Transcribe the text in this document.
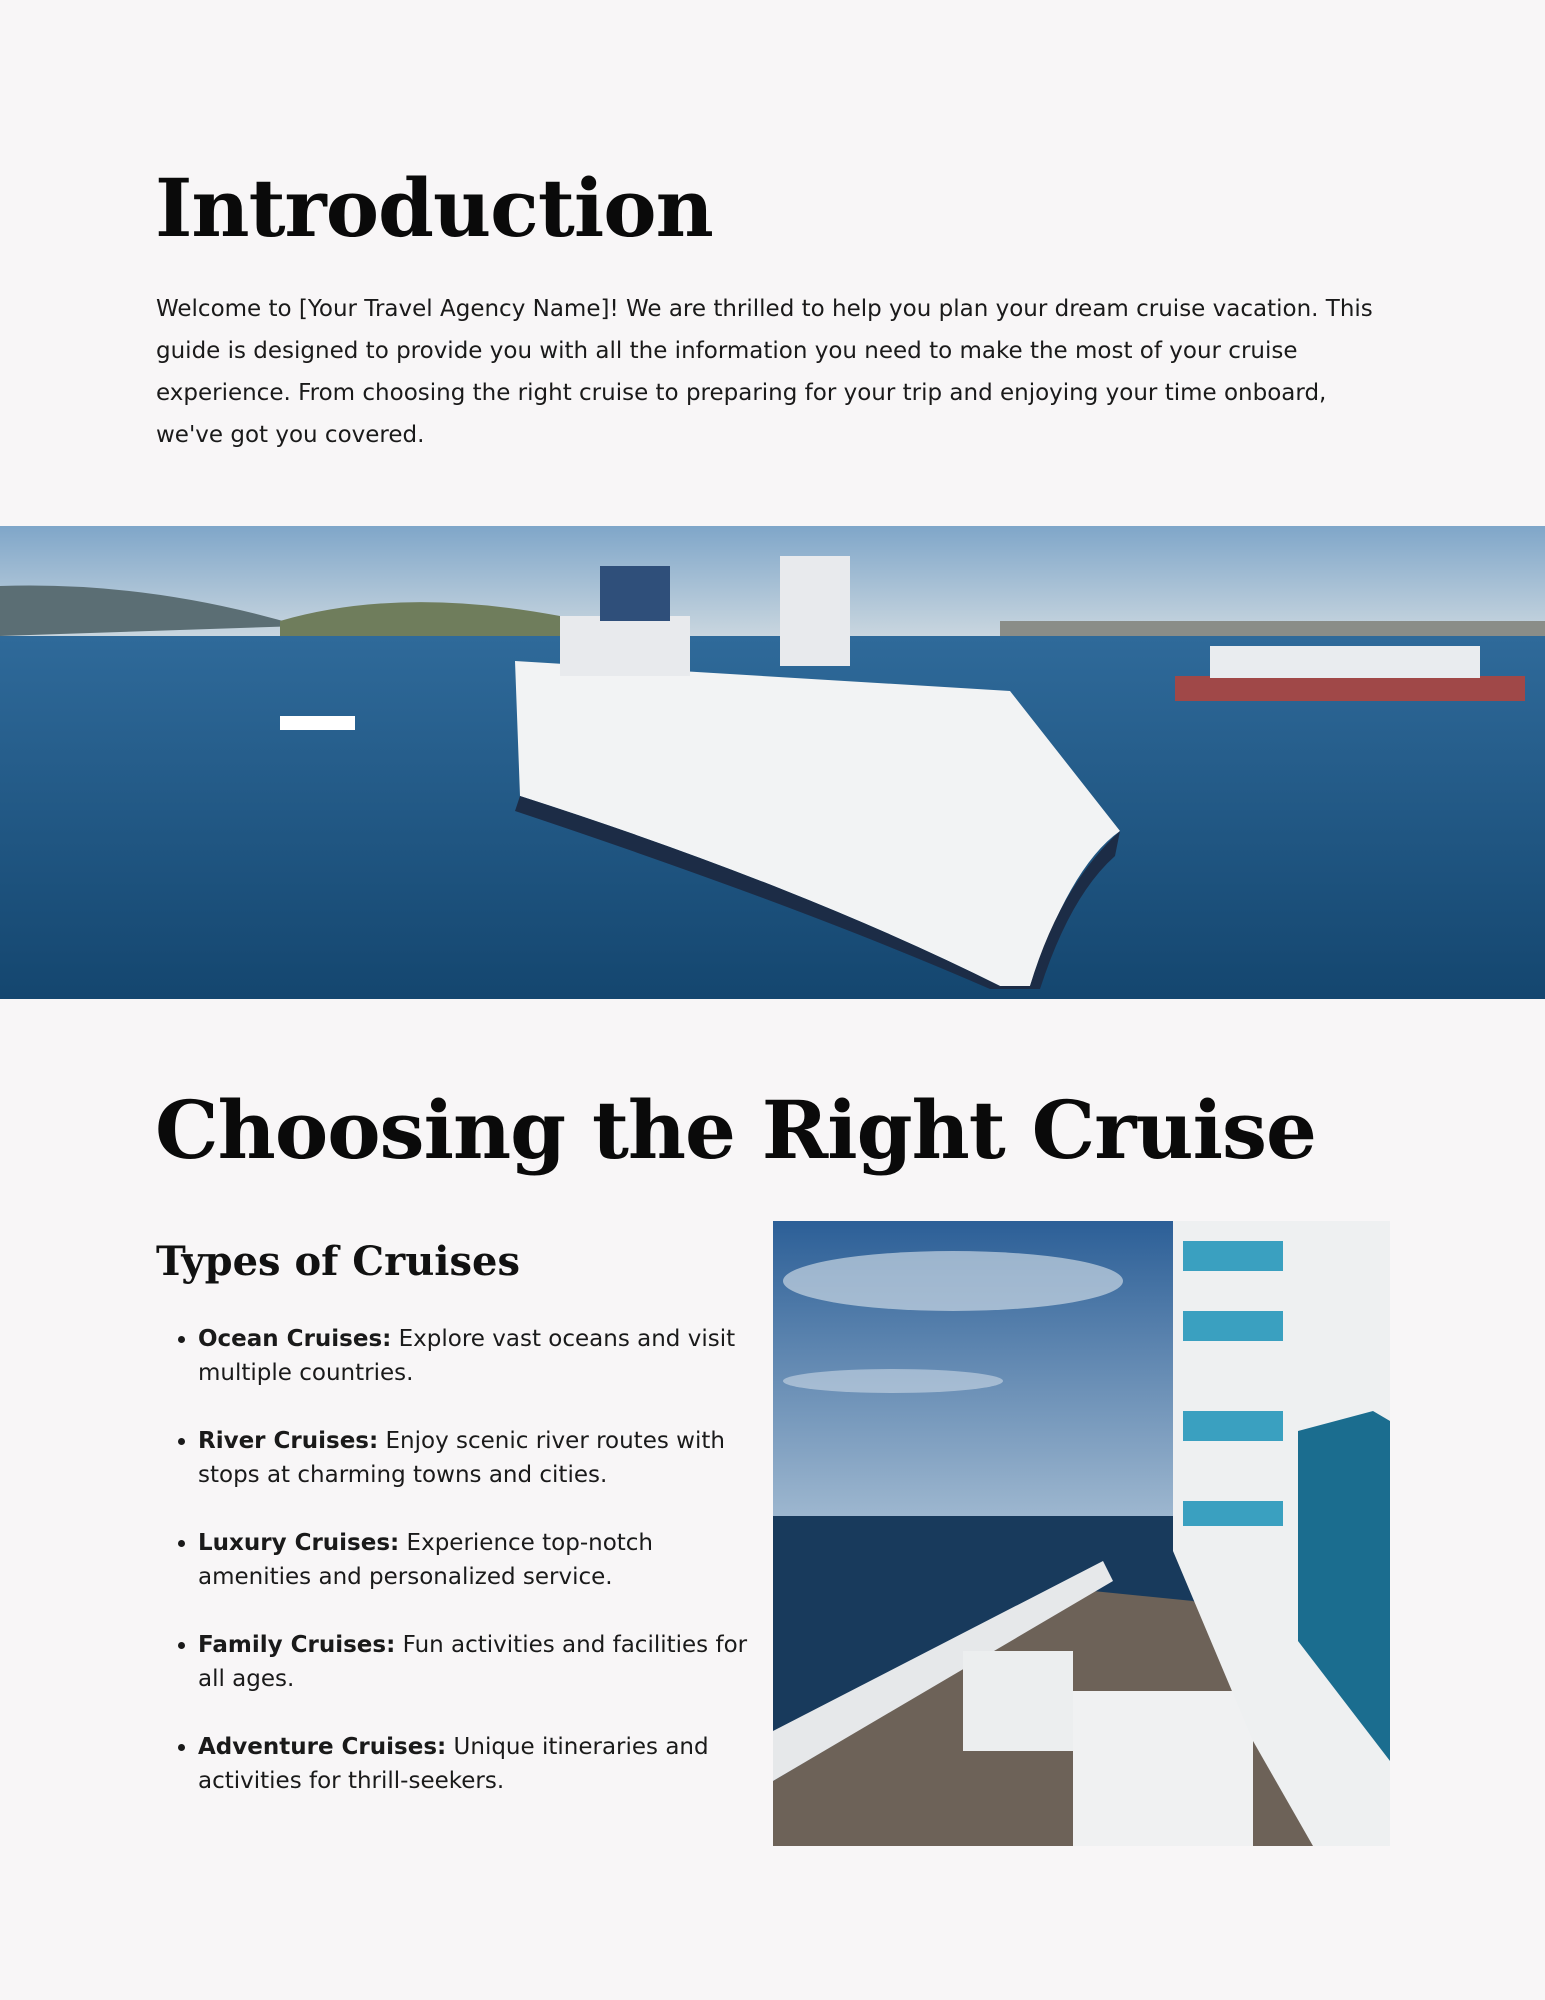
Introduction

Welcome to [Your Travel Agency Name]! We are thrilled to help you plan your dream cruise vacation. This guide is designed to provide you with all the information you need to make the most of your cruise experience. From choosing the right cruise to preparing for your trip and enjoying your time onboard, we've got you covered.

Choosing the Right Cruise
Types of Cruises
• Ocean Cruises: Explore vast oceans and visit multiple countries.
• River Cruises: Enjoy scenic river routes with stops at charming towns and cities.
• Luxury Cruises: Experience top-notch amenities and personalized service.
• Family Cruises: Fun activities and facilities for all ages.
• Adventure Cruises: Unique itineraries and activities for thrill-seekers.
